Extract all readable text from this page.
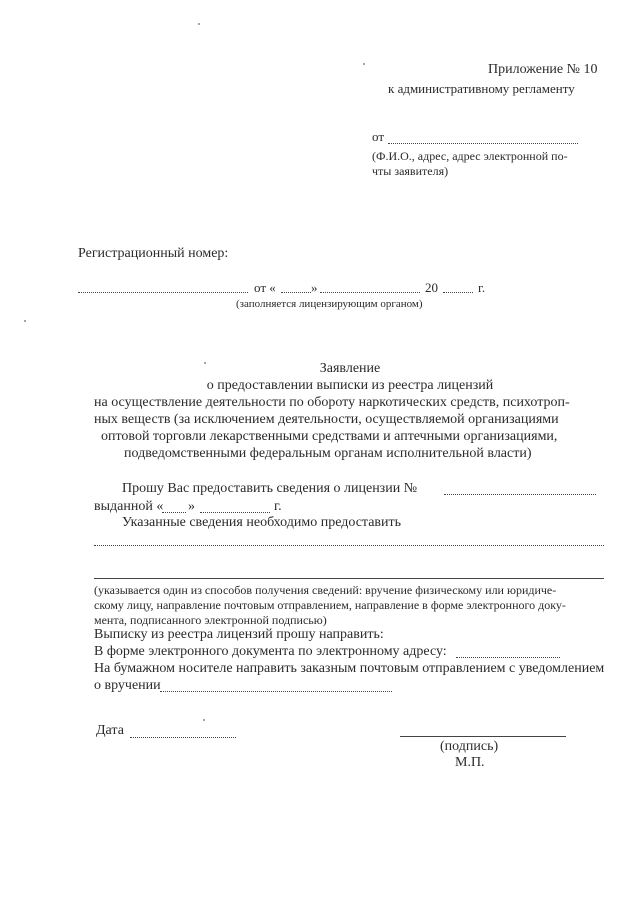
Приложение № 10
к административному регламенту
от
(Ф.И.О., адрес, адрес электронной по-
чты заявителя)
Регистрационный номер:
от «	»	20	г.
(заполняется лицензирующим органом)
Заявление
о предоставлении выписки из реестра лицензий
на осуществление деятельности по обороту наркотических средств, психотроп-
ных веществ (за исключением деятельности, осуществляемой организациями
оптовой торговли лекарственными средствами и аптечными организациями,
подведомственными федеральным органам исполнительной власти)
Прошу Вас предоставить сведения о лицензии №
выданной « »	г.
Указанные сведения необходимо предоставить
(указывается один из способов получения сведений: вручение физическому или юридиче-
скому лицу, направление почтовым отправлением, направление в форме электронного доку-
мента, подписанного электронной подписью)
Выписку из реестра лицензий прошу направить:
В форме электронного документа по электронному адресу:
На бумажном носителе направить заказным почтовым отправлением с уведомлением
о вручении
Дата
(подпись)
М.П.
